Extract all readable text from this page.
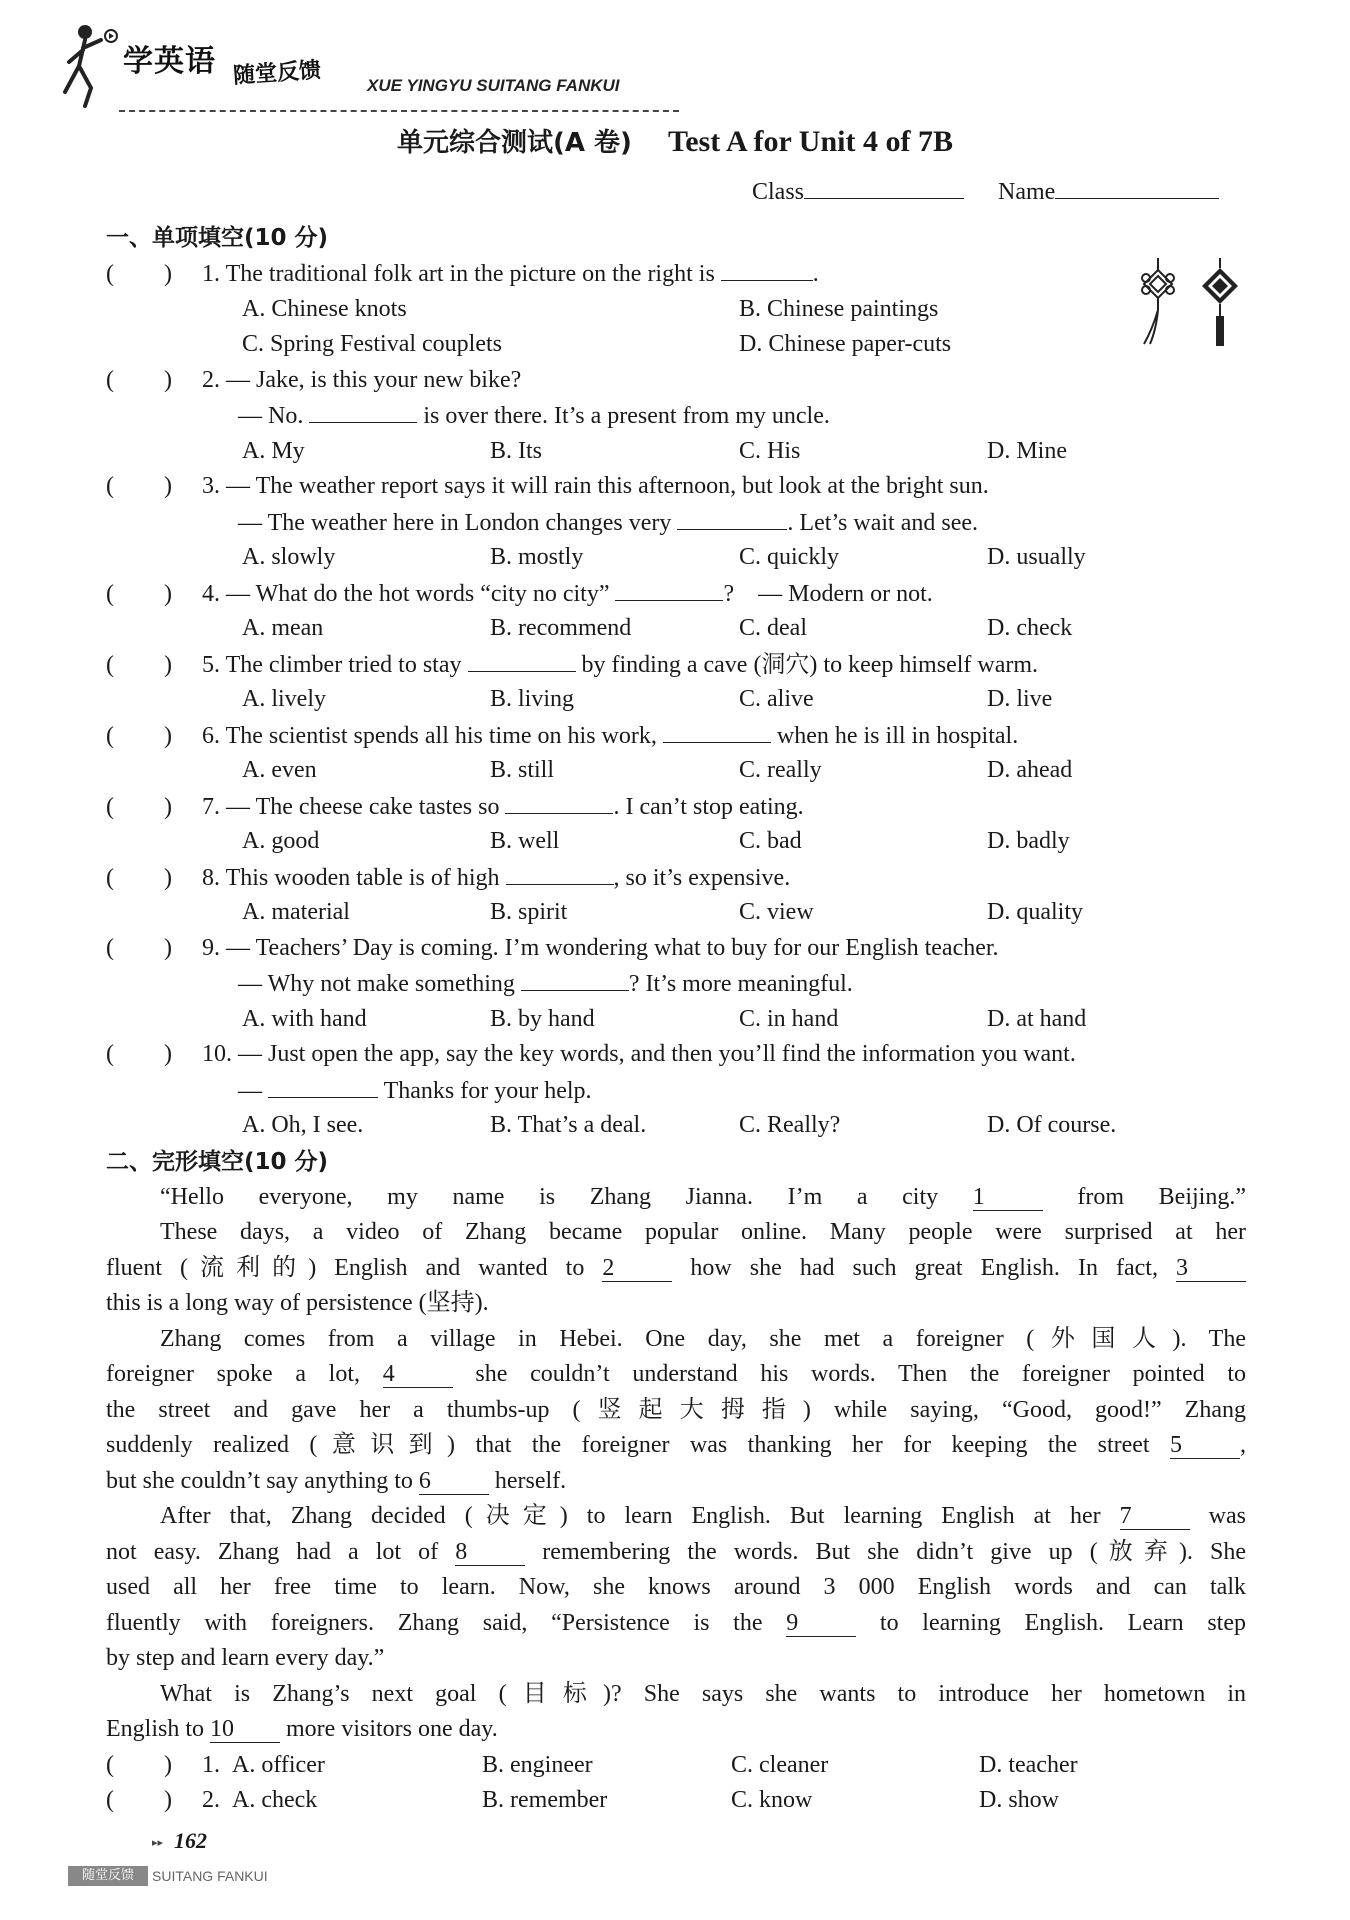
学英语 随堂反馈	XUE YINGYU SUITANG FANKUI
单元综合测试(A 卷) Test A for Unit 4 of 7B
Class	Name
一、单项填空(10 分)
( ) 1. The traditional folk art in the picture on the right is	.
A. Chinese knots	B. Chinese paintings
C. Spring Festival couplets	D. Chinese paper-cuts
( ) 2. — Jake, is this your new bike?
— No.	is over there. It’s a present from my uncle.
A. My	B. Its	C. His	D. Mine
( ) 3. — The weather report says it will rain this afternoon, but look at the bright sun.
— The weather here in London changes very	. Let’s wait and see.
A. slowly	B. mostly	C. quickly	D. usually
( ) 4. — What do the hot words “city no city”	? — Modern or not.
A. mean	B. recommend	C. deal	D. check
( ) 5. The climber tried to stay	by finding a cave (洞穴) to keep himself warm.
A. lively	B. living	C. alive	D. live
( ) 6. The scientist spends all his time on his work,	when he is ill in hospital.
A. even	B. still	C. really	D. ahead
( ) 7. — The cheese cake tastes so	. I can’t stop eating.
A. good	B. well	C. bad	D. badly
( ) 8. This wooden table is of high	, so it’s expensive.
A. material	B. spirit	C. view	D. quality
( ) 9. — Teachers’ Day is coming. I’m wondering what to buy for our English teacher.
— Why not make something	? It’s more meaningful.
A. with hand	B. by hand	C. in hand	D. at hand
( ) 10. — Just open the app, say the key words, and then you’ll find the information you want.
—	Thanks for your help.
A. Oh, I see.	B. That’s a deal.	C. Really?	D. Of course.
二、完形填空(10 分)
“Hello everyone, my name is Zhang Jianna. I’m a city 1 from Beijing.”
These days, a video of Zhang became popular online. Many people were surprised at her
fluent (流利的) English and wanted to 2 how she had such great English. In fact, 3
this is a long way of persistence (坚持).
Zhang comes from a village in Hebei. One day, she met a foreigner (外国人). The
foreigner spoke a lot, 4 she couldn’t understand his words. Then the foreigner pointed to
the street and gave her a thumbs-up (竖起大拇指) while saying, “Good, good!” Zhang
suddenly realized (意识到) that the foreigner was thanking her for keeping the street 5 ,
but she couldn’t say anything to 6 herself.
After that, Zhang decided (决定) to learn English. But learning English at her 7 was
not easy. Zhang had a lot of 8 remembering the words. But she didn’t give up (放弃). She
used all her free time to learn. Now, she knows around 3 000 English words and can talk
fluently with foreigners. Zhang said, “Persistence is the 9 to learning English. Learn step
by step and learn every day.”
What is Zhang’s next goal (目标)? She says she wants to introduce her hometown in
English to 10 more visitors one day.
( ) 1. A. officer	B. engineer	C. cleaner	D. teacher
( ) 2. A. check	B. remember	C. know	D. show
▸▸ 162
随堂反馈	SUITANG FANKUI
